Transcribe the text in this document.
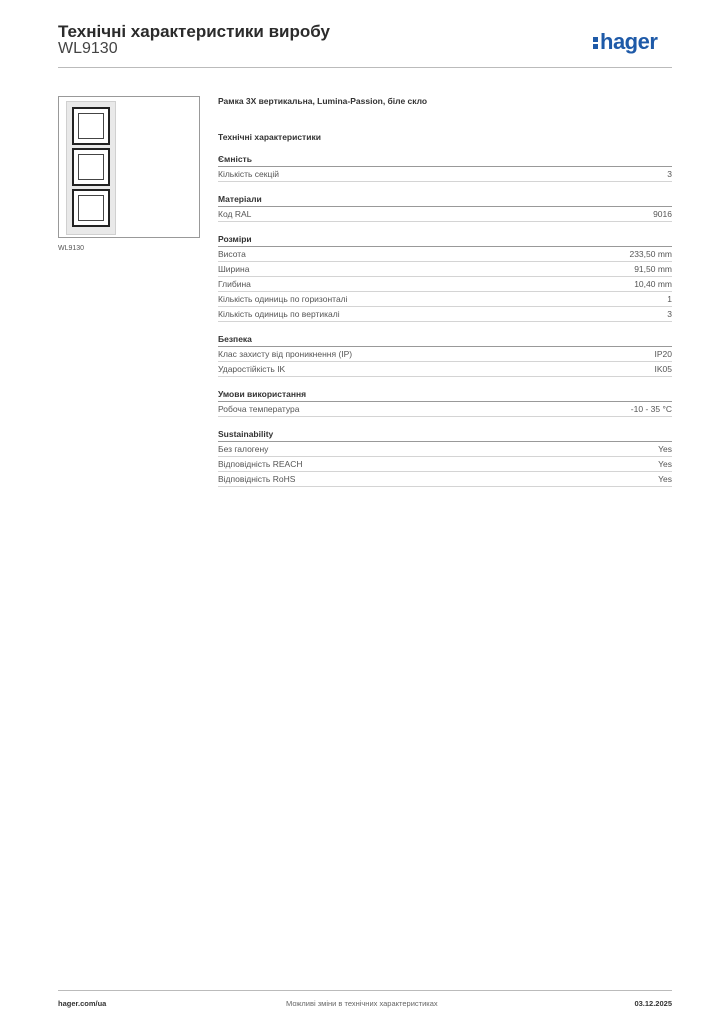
Технічні характеристики виробу
WL9130	hager
WL9130
Рамка 3Х вертикальна, Lumina-Passion, біле скло
Технічні характеристики
Ємність
Кількість секцій	3
Матеріали
Код RAL	9016
Розміри
Висота	233,50 mm
Ширина	91,50 mm
Глибина	10,40 mm
Кількість одиниць по горизонталі	1
Кількість одиниць по вертикалі	3
Безпека
Клас захисту від проникнення (IP)	IP20
Ударостійкість IK	IK05
Умови використання
Робоча температура	-10 - 35 °C
Sustainability
Без галогену	Yes
Відповідність REACH	Yes
Відповідність RoHS	Yes
hager.com/ua	Можливі зміни в технічних характеристиках	03.12.2025
